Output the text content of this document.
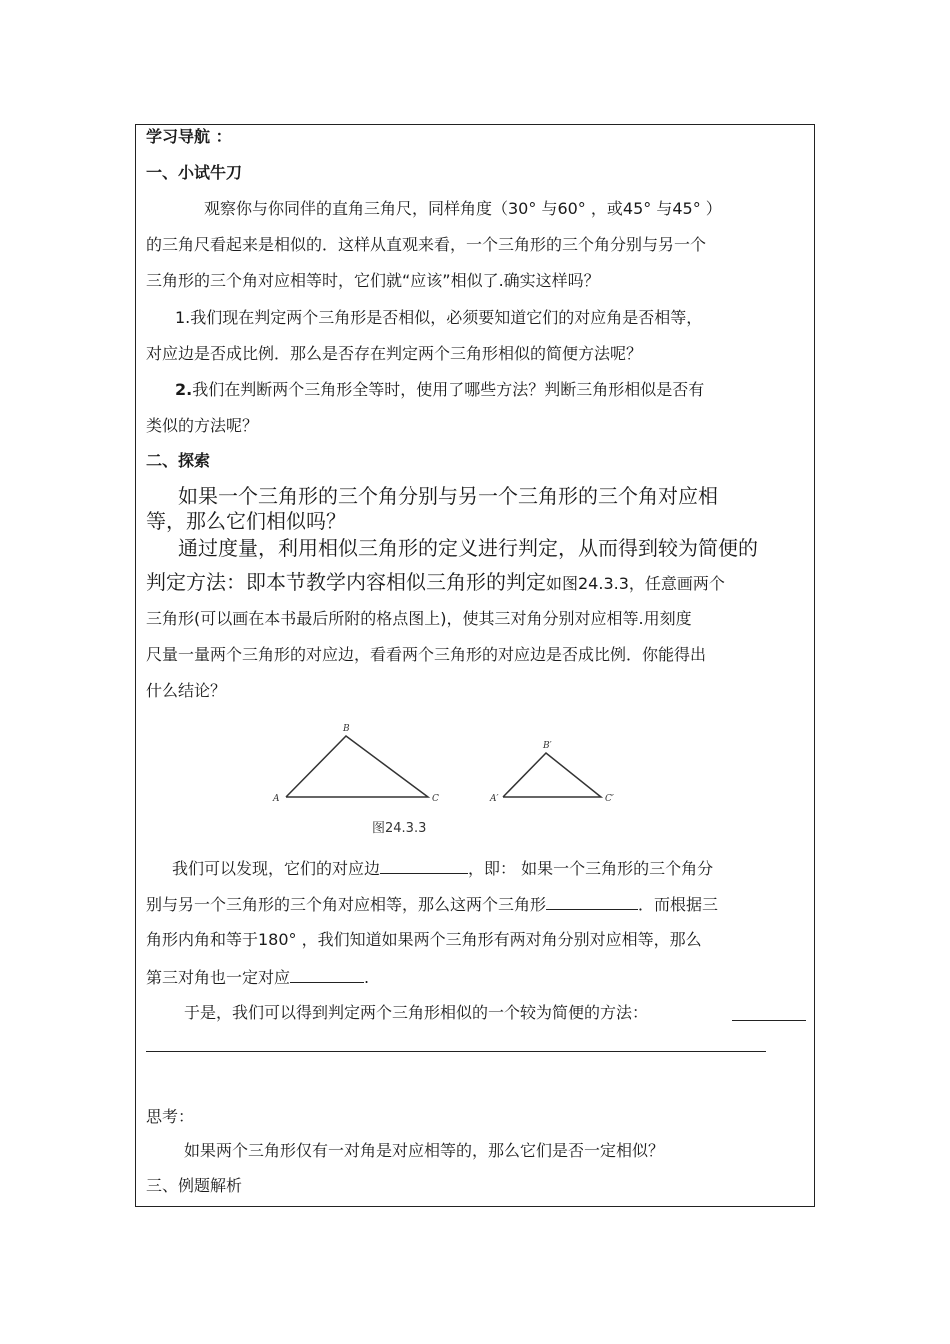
学习导航 ：
一、小试牛刀
观察你与你同伴的直角三角尺，同样角度（30° 与60° ，或45° 与45° ）
的三角尺看起来是相似的．这样从直观来看，一个三角形的三个角分别与另一个
三角形的三个角对应相等时，它们就“应该”相似了.确实这样吗？
1.我们现在判定两个三角形是否相似，必须要知道它们的对应角是否相等，
对应边是否成比例．那么是否存在判定两个三角形相似的简便方法呢？
2.我们在判断两个三角形全等时，使用了哪些方法？判断三角形相似是否有
类似的方法呢？
二、探索
如果一个三角形的三个角分别与另一个三角形的三个角对应相
等，那么它们相似吗？
通过度量，利用相似三角形的定义进行判定，从而得到较为简便的
判定方法：即本节教学内容相似三角形的判定如图24.3.3，任意画两个
三角形(可以画在本书最后所附的格点图上)，使其三对角分别对应相等.用刻度
尺量一量两个三角形的对应边，看看两个三角形的对应边是否成比例．你能得出
什么结论？
A
B
C	A′
B′
C′
图24.3.3
我们可以发现，它们的对应边	，即： 如果一个三角形的三个角分
别与另一个三角形的三个角对应相等，那么这两个三角形	．而根据三
角形内角和等于180° ，我们知道如果两个三角形有两对角分别对应相等，那么
第三对角也一定对应	.
于是，我们可以得到判定两个三角形相似的一个较为简便的方法：
思考：
如果两个三角形仅有一对角是对应相等的，那么它们是否一定相似？
三、例题解析
